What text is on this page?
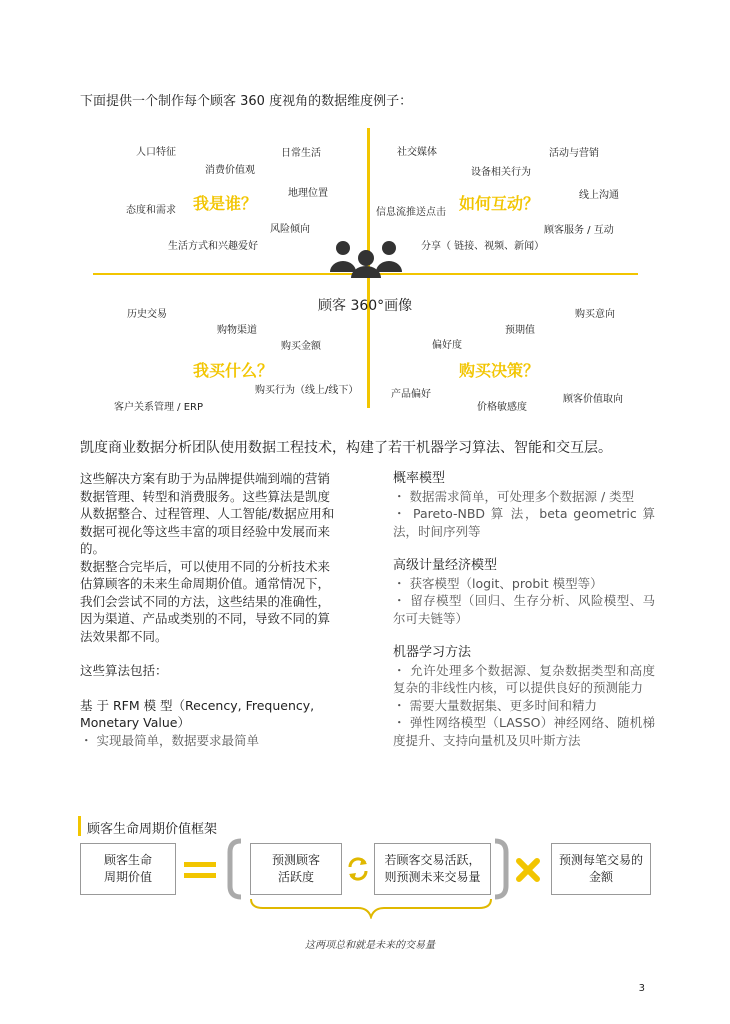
下面提供一个制作每个顾客 360 度视角的数据维度例子：
人口特征
消费价值观
日常生活
地理位置
态度和需求
风险倾向
生活方式和兴趣爱好
我是谁？
社交媒体	活动与营销
设备相关行为
线上沟通
信息流推送点击
顾客服务 / 互动
分享（ 链接、视频、新闻）
如何互动？
顾客 360°画像
历史交易
购物渠道
购买金额
购买行为（线上/线下）
客户关系管理 / ERP
我买什么？
购买意向
预期值
偏好度
产品偏好
价格敏感度
顾客价值取向
购买决策？
凯度商业数据分析团队使用数据工程技术，构建了若干机器学习算法、智能和交互层。

这些解决方案有助于为品牌提供端到端的营销数据管理、转型和消费服务。这些算法是凯度从数据整合、过程管理、人工智能/数据应用和数据可视化等这些丰富的项目经验中发展而来的。

数据整合完毕后，可以使用不同的分析技术来估算顾客的未来生命周期价值。通常情况下，我们会尝试不同的方法，这些结果的准确性，因为渠道、产品或类别的不同，导致不同的算法效果都不同。

这些算法包括：

基 于 RFM 模 型（Recency, Frequency, Monetary Value）

・ 实现最简单，数据要求最简单

概率模型
・ 数据需求简单，可处理多个数据源 / 类型
・ Pareto-NBD 算 法，beta geometric 算法，时间序列等
高级计量经济模型
・ 获客模型（logit、probit 模型等）
・ 留存模型（回归、生存分析、风险模型、马尔可夫链等）
机器学习方法
・ 允许处理多个数据源、复杂数据类型和高度复杂的非线性内核，可以提供良好的预测能力
・ 需要大量数据集、更多时间和精力
・ 弹性网络模型（LASSO）神经网络、随机梯度提升、支持向量机及贝叶斯方法
顾客生命周期价值框架
顾客生命
周期价值
预测顾客
活跃度
若顾客交易活跃，
则预测未来交易量
预测每笔交易的
金额
这两项总和就是未来的交易量
3
